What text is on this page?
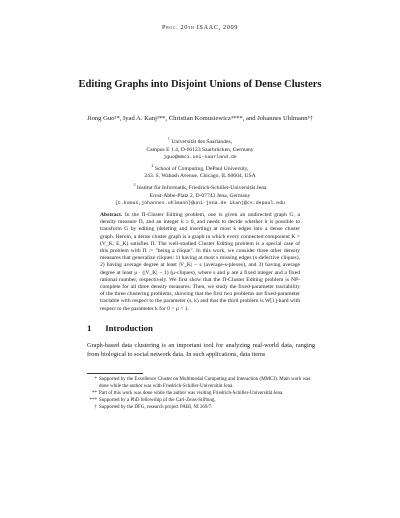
Proc. 20th ISAAC, 2009
Editing Graphs into Disjoint Unions of Dense Clusters
Jiong Guo¹*, Iyad A. Kanj²**, Christian Komusiewicz³***, and Johannes Uhlmann³†
$^1$ Universität des Saarlandes,
Campus E 1.4, D-66123 Saarbrücken, Germany
jguo@mmci.uni-saarland.de
$^2$ School of Computing, DePaul University,
243. S. Wabash Avenue, Chicago, IL 60604, USA
$^3$ Institut für Informatik, Friedrich-Schiller-Universität Jena
Ernst-Abbe-Platz 2, D-07743 Jena, Germany
{c.komus,johannes.uhlmann}@uni-jena.de ikanj@cs.depaul.edu
Abstract. In the Π-Cluster Editing problem, one is given an undirected graph G, a density measure Π, and an integer k ≥ 0, and needs to decide whether it is possible to transform G by editing (deleting and inserting) at most k edges into a dense cluster graph. Herein, a dense cluster graph is a graph in which every connected component K = (V_K, E_K) satisfies Π. The well-studied Cluster Editing problem is a special case of this problem with Π := "being a clique". In this work, we consider three other density measures that generalize cliques: 1) having at most s missing edges (s-defective cliques), 2) having average degree at least |V_K| − s (average-s-plexes), and 3) having average degree at least μ · (|V_K| − 1) (μ-cliques), where s and μ are a fixed integer and a fixed rational number, respectively. We first show that the Π-Cluster Editing problem is NP-complete for all three density measures. Then, we study the fixed-parameter tractability of the three clustering problems, showing that the first two problems are fixed-parameter tractable with respect to the parameter (s, k) and that the third problem is W[1]-hard with respect to the parameter k for 0 < μ < 1.
1 Introduction
Graph-based data clustering is an important tool for analyzing real-world data, ranging from biological to social network data. In such applications, data items
* Supported by the Excellence Cluster on Multimodal Computing and Interaction (MMCI). Main work was done while the author was with Friedrich-Schiller-Universität Jena.
** Part of this work was done while the author was visiting Friedrich-Schiller-Universität Jena.
*** Supported by a PhD fellowship of the Carl-Zeiss-Stiftung.
† Supported by the DFG, research project PABI, NI 369/7.
